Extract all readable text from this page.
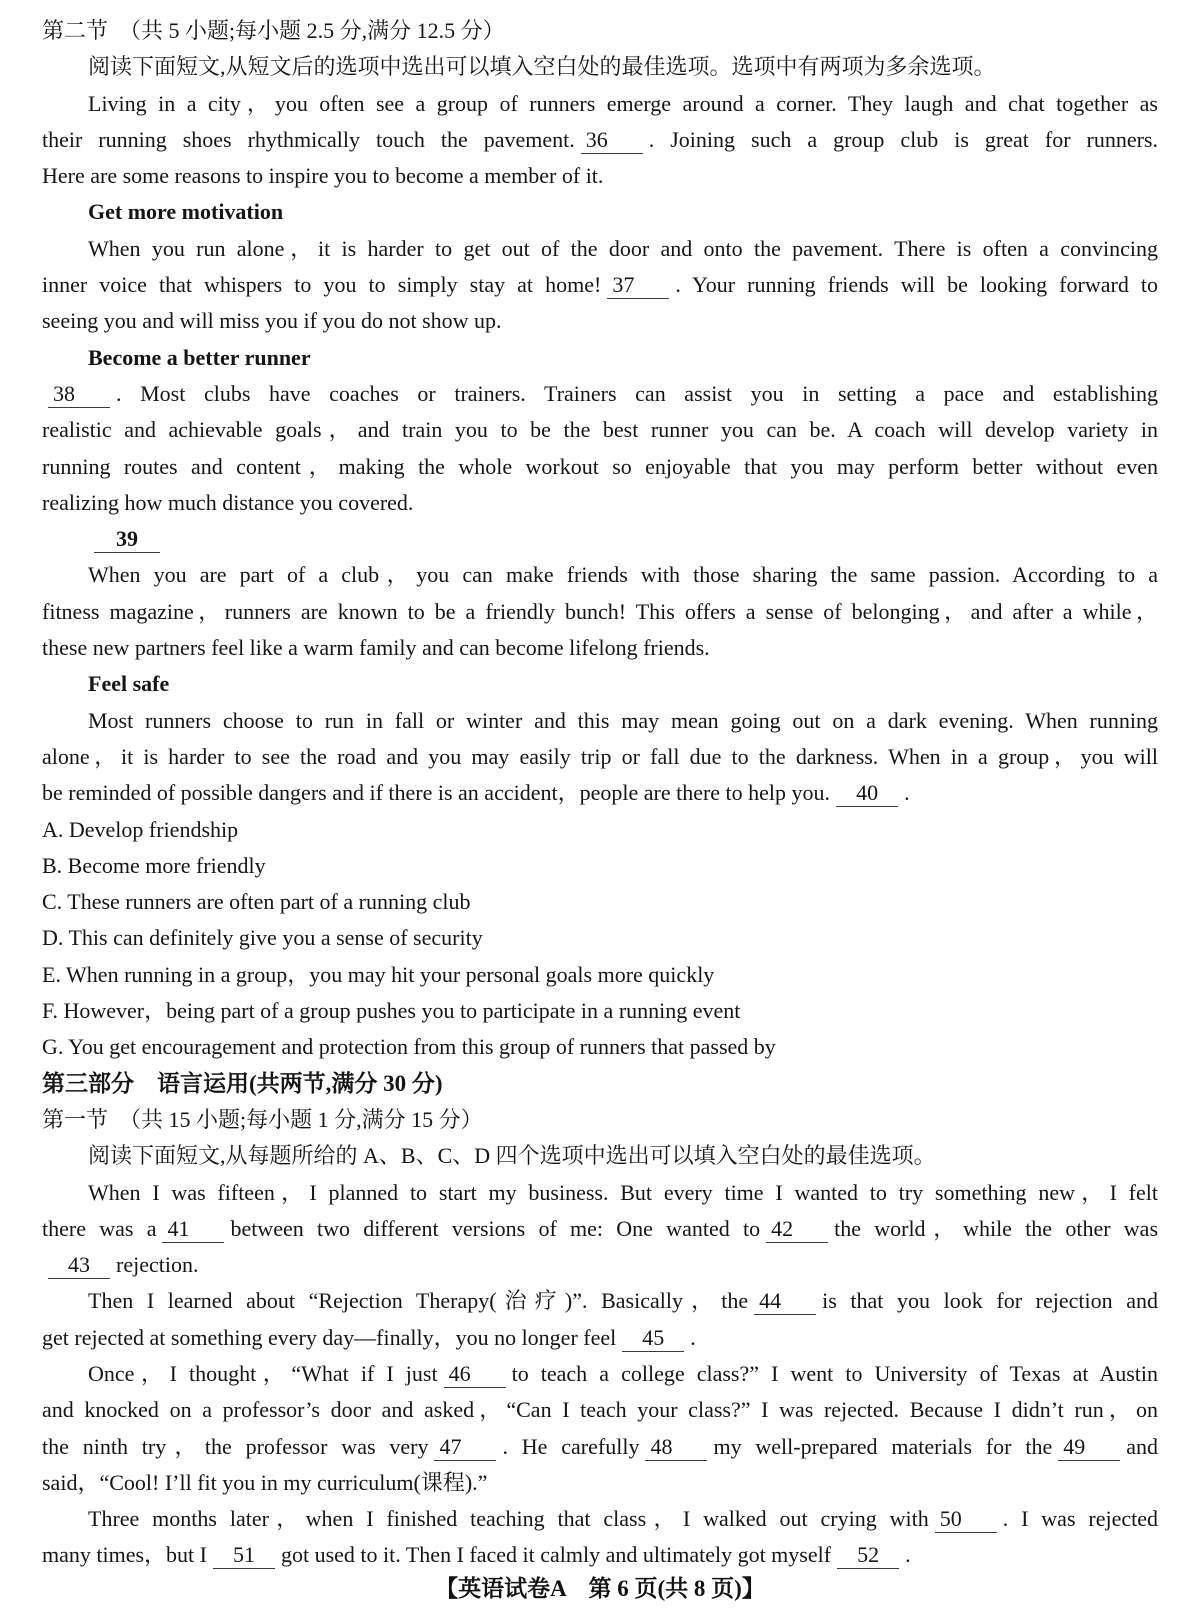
第二节　（共 5 小题;每小题 2.5 分,满分 12.5 分）
阅读下面短文,从短文后的选项中选出可以填入空白处的最佳选项。选项中有两项为多余选项。
Living in a city，you often see a group of runners emerge around a corner. They laugh and chat together as
their running shoes rhythmically touch the pavement. 36 . Joining such a group club is great for runners.
Here are some reasons to inspire you to become a member of it.
Get more motivation
When you run alone，it is harder to get out of the door and onto the pavement. There is often a convincing
inner voice that whispers to you to simply stay at home! 37 . Your running friends will be looking forward to
seeing you and will miss you if you do not show up.
Become a better runner
38 . Most clubs have coaches or trainers. Trainers can assist you in setting a pace and establishing
realistic and achievable goals，and train you to be the best runner you can be. A coach will develop variety in
running routes and content，making the whole workout so enjoyable that you may perform better without even
realizing how much distance you covered.
39
When you are part of a club，you can make friends with those sharing the same passion. According to a
fitness magazine，runners are known to be a friendly bunch! This offers a sense of belonging，and after a while，
these new partners feel like a warm family and can become lifelong friends.
Feel safe
Most runners choose to run in fall or winter and this may mean going out on a dark evening. When running
alone，it is harder to see the road and you may easily trip or fall due to the darkness. When in a group，you will
be reminded of possible dangers and if there is an accident，people are there to help you. 40 .
A. Develop friendship
B. Become more friendly
C. These runners are often part of a running club
D. This can definitely give you a sense of security
E. When running in a group，you may hit your personal goals more quickly
F. However，being part of a group pushes you to participate in a running event
G. You get encouragement and protection from this group of runners that passed by
第三部分　语言运用(共两节,满分 30 分)
第一节　（共 15 小题;每小题 1 分,满分 15 分）
阅读下面短文,从每题所给的 A、B、C、D 四个选项中选出可以填入空白处的最佳选项。
When I was fifteen，I planned to start my business. But every time I wanted to try something new，I felt
there was a 41 between two different versions of me: One wanted to 42 the world，while the other was
43 rejection.
Then I learned about “Rejection Therapy(治疗)”. Basically，the 44 is that you look for rejection and
get rejected at something every day—finally，you no longer feel 45 .
Once，I thought，“What if I just 46 to teach a college class?” I went to University of Texas at Austin
and knocked on a professor’s door and asked，“Can I teach your class?” I was rejected. Because I didn’t run，on
the ninth try，the professor was very 47 . He carefully 48 my well-prepared materials for the 49 and
said，“Cool! I’ll fit you in my curriculum(课程).”
Three months later，when I finished teaching that class，I walked out crying with 50 . I was rejected
many times，but I 51 got used to it. Then I faced it calmly and ultimately got myself 52 .
【英语试卷A　第 6 页(共 8 页)】
